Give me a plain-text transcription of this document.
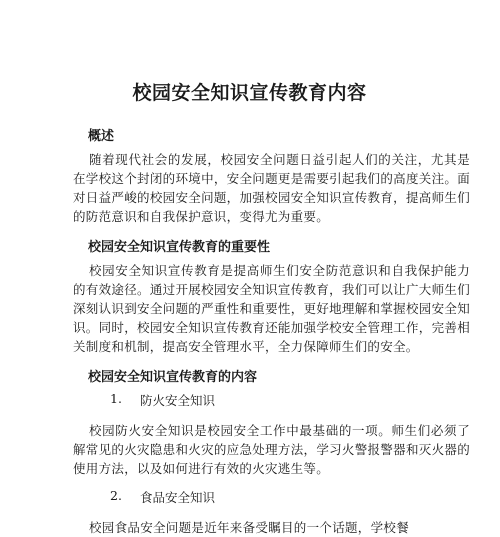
校园安全知识宣传教育内容
概述

随着现代社会的发展，校园安全问题日益引起人们的关注，尤其是在学校这个封闭的环境中，安全问题更是需要引起我们的高度关注。面对日益严峻的校园安全问题，加强校园安全知识宣传教育，提高师生们的防范意识和自我保护意识，变得尤为重要。

校园安全知识宣传教育的重要性

校园安全知识宣传教育是提高师生们安全防范意识和自我保护能力的有效途径。通过开展校园安全知识宣传教育，我们可以让广大师生们深刻认识到安全问题的严重性和重要性，更好地理解和掌握校园安全知识。同时，校园安全知识宣传教育还能加强学校安全管理工作，完善相关制度和机制，提高安全管理水平，全力保障师生们的安全。

校园安全知识宣传教育的内容
1. 防火安全知识

校园防火安全知识是校园安全工作中最基础的一项。师生们必须了解常见的火灾隐患和火灾的应急处理方法，学习火警报警器和灭火器的使用方法，以及如何进行有效的火灾逃生等。

2. 食品安全知识

校园食品安全问题是近年来备受瞩目的一个话题，学校餐
